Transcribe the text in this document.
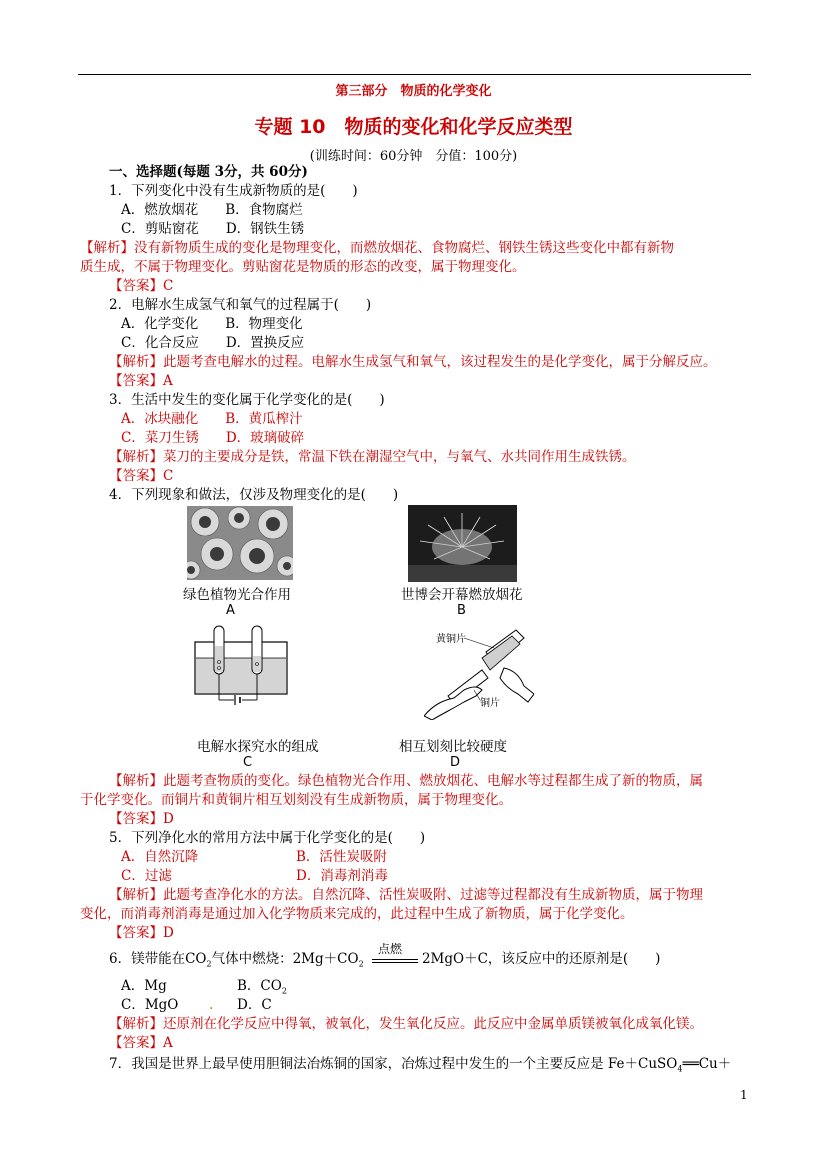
第三部分　物质的化学变化
专题 10　物质的变化和化学反应类型
(训练时间：60分钟　分值：100分)
一、选择题(每题 3分，共 60分)
1．下列变化中没有生成新物质的是(　　)
A．燃放烟花　　B．食物腐烂
C．剪贴窗花　　D．钢铁生锈
【解析】没有新物质生成的变化是物理变化，而燃放烟花、食物腐烂、钢铁生锈这些变化中都有新物
质生成，不属于物理变化。剪贴窗花是物质的形态的改变，属于物理变化。
【答案】C
2．电解水生成氢气和氧气的过程属于(　　)
A．化学变化　　B．物理变化
C．化合反应　　D．置换反应
【解析】此题考查电解水的过程。电解水生成氢气和氧气，该过程发生的是化学变化，属于分解反应。
【答案】A
3．生活中发生的变化属于化学变化的是(　　)
A．冰块融化　　B．黄瓜榨汁
C．菜刀生锈　　D．玻璃破碎
【解析】菜刀的主要成分是铁，常温下铁在潮湿空气中，与氧气、水共同作用生成铁锈。
【答案】C
4．下列现象和做法，仅涉及物理变化的是(　　)
绿色植物光合作用
A
世博会开幕燃放烟花
B
电解水探究水的组成
C
黄铜片
铜片
相互划刻比较硬度
D
【解析】此题考查物质的变化。绿色植物光合作用、燃放烟花、电解水等过程都生成了新的物质，属
于化学变化。而铜片和黄铜片相互划刻没有生成新物质，属于物理变化。
【答案】D
5．下列净化水的常用方法中属于化学变化的是(　　)
A．自然沉降	B．活性炭吸附
C．过滤	D．消毒剂消毒
【解析】此题考查净化水的方法。自然沉降、活性炭吸附、过滤等过程都没有生成新物质，属于物理
变化，而消毒剂消毒是通过加入化学物质来完成的，此过程中生成了新物质，属于化学变化。
【答案】D
6．镁带能在$CO_2$气体中燃烧：$2Mg+CO_2$
点燃
2MgO＋C，该反应中的还原剂是(　　)
A．Mg	B．$CO_2$
C．MgO . D．C
【解析】还原剂在化学反应中得氧，被氧化，发生氧化反应。此反应中金属单质镁被氧化成氧化镁。
【答案】A
7．我国是世界上最早使用胆铜法冶炼铜的国家，冶炼过程中发生的一个主要反应是 Fe＋CuSO$_4$══Cu＋
1
